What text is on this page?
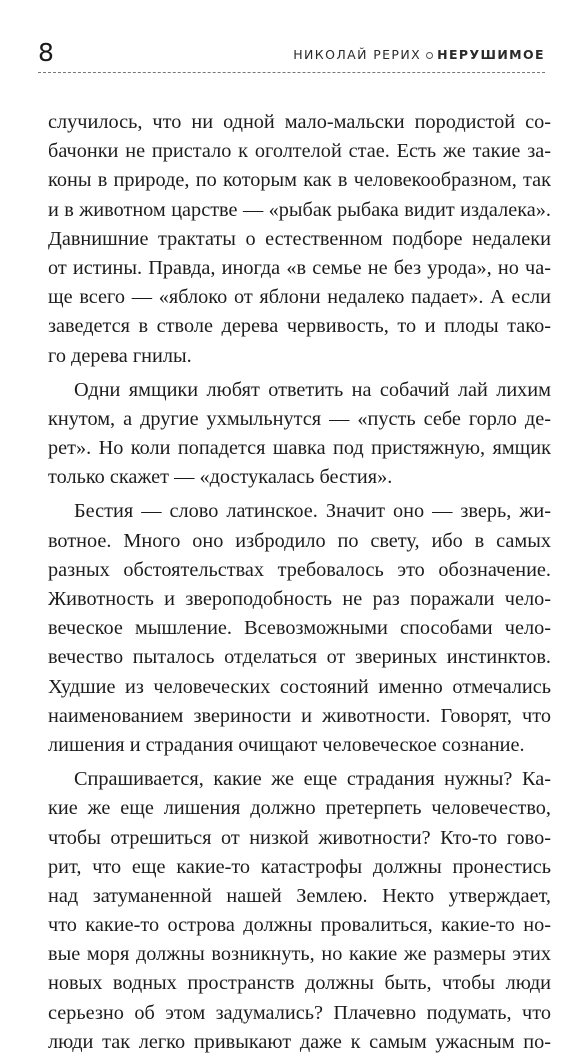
8	НИКОЛАЙ РЕРИХ НЕРУШИМОЕ
случилось, что ни одной мало-мальски породистой со-
бачонки не пристало к оголтелой стае. Есть же такие за-
коны в природе, по которым как в человекообразном, так
и в животном царстве — «рыбак рыбака видит издалека».
Давнишние трактаты о естественном подборе недалеки
от истины. Правда, иногда «в семье не без урода», но ча-
ще всего — «яблоко от яблони недалеко падает». А если
заведется в стволе дерева червивость, то и плоды тако-
го дерева гнилы.
Одни ямщики любят ответить на собачий лай лихим
кнутом, а другие ухмыльнутся — «пусть себе горло де-
рет». Но коли попадется шавка под пристяжную, ямщик
только скажет — «достукалась бестия».
Бестия — слово латинское. Значит оно — зверь, жи-
вотное. Много оно избродило по свету, ибо в самых
разных обстоятельствах требовалось это обозначение.
Животность и звероподобность не раз поражали чело-
веческое мышление. Всевозможными способами чело-
вечество пыталось отделаться от звериных инстинктов.
Худшие из человеческих состояний именно отмечались
наименованием звериности и животности. Говорят, что
лишения и страдания очищают человеческое сознание.
Спрашивается, какие же еще страдания нужны? Ка-
кие же еще лишения должно претерпеть человечество,
чтобы отрешиться от низкой животности? Кто-то гово-
рит, что еще какие-то катастрофы должны пронестись
над затуманенной нашей Землею. Некто утверждает,
что какие-то острова должны провалиться, какие-то но-
вые моря должны возникнуть, но какие же размеры этих
новых водных пространств должны быть, чтобы люди
серьезно об этом задумались? Плачевно подумать, что
люди так легко привыкают даже к самым ужасным по-
